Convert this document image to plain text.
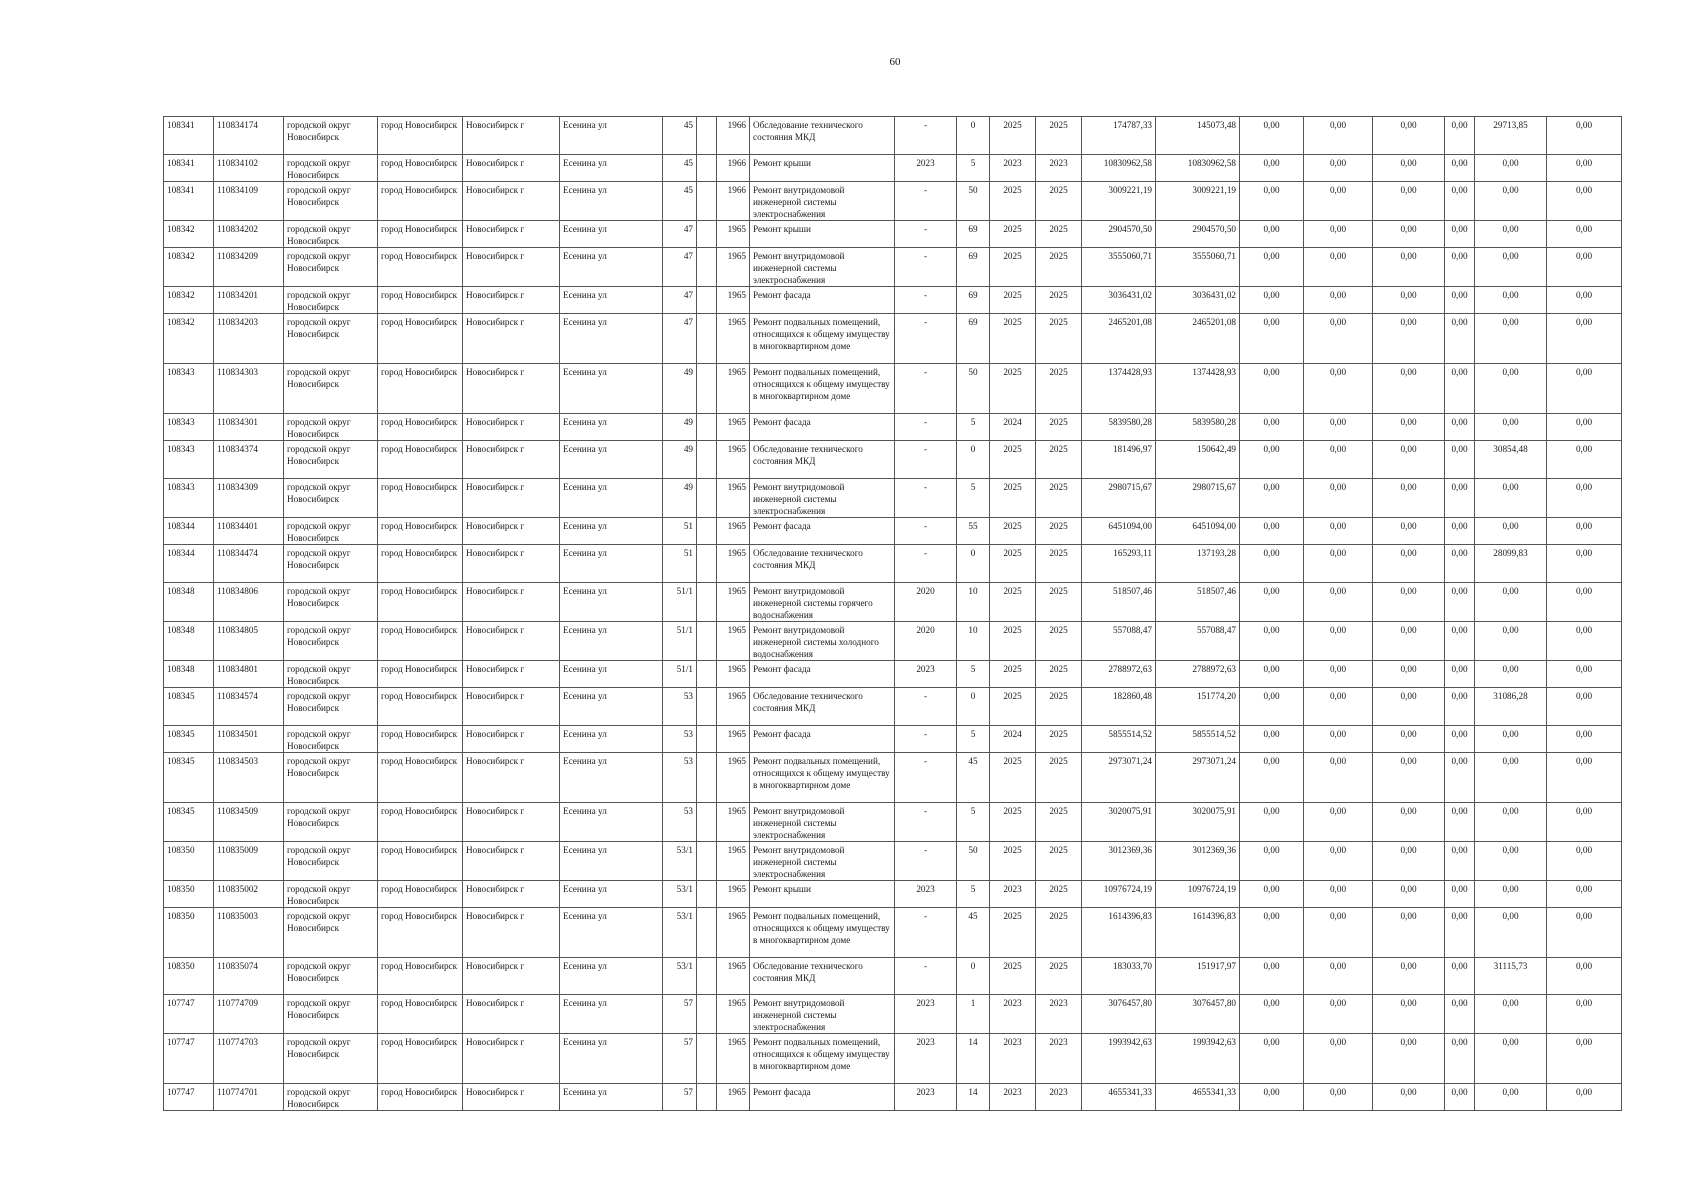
60
108341	110834174	городской округ Новосибирск	город Новосибирск	Новосибирск г	Есенина ул	45		1966	Обследование технического состояния МКД	-	0	2025	2025	174787,33	145073,48	0,00	0,00	0,00	0,00	29713,85	0,00
108341	110834102	городской округ Новосибирск	город Новосибирск	Новосибирск г	Есенина ул	45		1966	Ремонт крыши	2023	5	2023	2023	10830962,58	10830962,58	0,00	0,00	0,00	0,00	0,00	0,00
108341	110834109	городской округ Новосибирск	город Новосибирск	Новосибирск г	Есенина ул	45		1966	Ремонт внутридомовой инженерной системы электроснабжения	-	50	2025	2025	3009221,19	3009221,19	0,00	0,00	0,00	0,00	0,00	0,00
108342	110834202	городской округ Новосибирск	город Новосибирск	Новосибирск г	Есенина ул	47		1965	Ремонт крыши	-	69	2025	2025	2904570,50	2904570,50	0,00	0,00	0,00	0,00	0,00	0,00
108342	110834209	городской округ Новосибирск	город Новосибирск	Новосибирск г	Есенина ул	47		1965	Ремонт внутридомовой инженерной системы электроснабжения	-	69	2025	2025	3555060,71	3555060,71	0,00	0,00	0,00	0,00	0,00	0,00
108342	110834201	городской округ Новосибирск	город Новосибирск	Новосибирск г	Есенина ул	47		1965	Ремонт фасада	-	69	2025	2025	3036431,02	3036431,02	0,00	0,00	0,00	0,00	0,00	0,00
108342	110834203	городской округ Новосибирск	город Новосибирск	Новосибирск г	Есенина ул	47		1965	Ремонт подвальных помещений, относящихся к общему имуществу в многоквартирном доме	-	69	2025	2025	2465201,08	2465201,08	0,00	0,00	0,00	0,00	0,00	0,00
108343	110834303	городской округ Новосибирск	город Новосибирск	Новосибирск г	Есенина ул	49		1965	Ремонт подвальных помещений, относящихся к общему имуществу в многоквартирном доме	-	50	2025	2025	1374428,93	1374428,93	0,00	0,00	0,00	0,00	0,00	0,00
108343	110834301	городской округ Новосибирск	город Новосибирск	Новосибирск г	Есенина ул	49		1965	Ремонт фасада	-	5	2024	2025	5839580,28	5839580,28	0,00	0,00	0,00	0,00	0,00	0,00
108343	110834374	городской округ Новосибирск	город Новосибирск	Новосибирск г	Есенина ул	49		1965	Обследование технического состояния МКД	-	0	2025	2025	181496,97	150642,49	0,00	0,00	0,00	0,00	30854,48	0,00
108343	110834309	городской округ Новосибирск	город Новосибирск	Новосибирск г	Есенина ул	49		1965	Ремонт внутридомовой инженерной системы электроснабжения	-	5	2025	2025	2980715,67	2980715,67	0,00	0,00	0,00	0,00	0,00	0,00
108344	110834401	городской округ Новосибирск	город Новосибирск	Новосибирск г	Есенина ул	51		1965	Ремонт фасада	-	55	2025	2025	6451094,00	6451094,00	0,00	0,00	0,00	0,00	0,00	0,00
108344	110834474	городской округ Новосибирск	город Новосибирск	Новосибирск г	Есенина ул	51		1965	Обследование технического состояния МКД	-	0	2025	2025	165293,11	137193,28	0,00	0,00	0,00	0,00	28099,83	0,00
108348	110834806	городской округ Новосибирск	город Новосибирск	Новосибирск г	Есенина ул	51/1		1965	Ремонт внутридомовой инженерной системы горячего водоснабжения	2020	10	2025	2025	518507,46	518507,46	0,00	0,00	0,00	0,00	0,00	0,00
108348	110834805	городской округ Новосибирск	город Новосибирск	Новосибирск г	Есенина ул	51/1		1965	Ремонт внутридомовой инженерной системы холодного водоснабжения	2020	10	2025	2025	557088,47	557088,47	0,00	0,00	0,00	0,00	0,00	0,00
108348	110834801	городской округ Новосибирск	город Новосибирск	Новосибирск г	Есенина ул	51/1		1965	Ремонт фасада	2023	5	2025	2025	2788972,63	2788972,63	0,00	0,00	0,00	0,00	0,00	0,00
108345	110834574	городской округ Новосибирск	город Новосибирск	Новосибирск г	Есенина ул	53		1965	Обследование технического состояния МКД	-	0	2025	2025	182860,48	151774,20	0,00	0,00	0,00	0,00	31086,28	0,00
108345	110834501	городской округ Новосибирск	город Новосибирск	Новосибирск г	Есенина ул	53		1965	Ремонт фасада	-	5	2024	2025	5855514,52	5855514,52	0,00	0,00	0,00	0,00	0,00	0,00
108345	110834503	городской округ Новосибирск	город Новосибирск	Новосибирск г	Есенина ул	53		1965	Ремонт подвальных помещений, относящихся к общему имуществу в многоквартирном доме	-	45	2025	2025	2973071,24	2973071,24	0,00	0,00	0,00	0,00	0,00	0,00
108345	110834509	городской округ Новосибирск	город Новосибирск	Новосибирск г	Есенина ул	53		1965	Ремонт внутридомовой инженерной системы электроснабжения	-	5	2025	2025	3020075,91	3020075,91	0,00	0,00	0,00	0,00	0,00	0,00
108350	110835009	городской округ Новосибирск	город Новосибирск	Новосибирск г	Есенина ул	53/1		1965	Ремонт внутридомовой инженерной системы электроснабжения	-	50	2025	2025	3012369,36	3012369,36	0,00	0,00	0,00	0,00	0,00	0,00
108350	110835002	городской округ Новосибирск	город Новосибирск	Новосибирск г	Есенина ул	53/1		1965	Ремонт крыши	2023	5	2023	2025	10976724,19	10976724,19	0,00	0,00	0,00	0,00	0,00	0,00
108350	110835003	городской округ Новосибирск	город Новосибирск	Новосибирск г	Есенина ул	53/1		1965	Ремонт подвальных помещений, относящихся к общему имуществу в многоквартирном доме	-	45	2025	2025	1614396,83	1614396,83	0,00	0,00	0,00	0,00	0,00	0,00
108350	110835074	городской округ Новосибирск	город Новосибирск	Новосибирск г	Есенина ул	53/1		1965	Обследование технического состояния МКД	-	0	2025	2025	183033,70	151917,97	0,00	0,00	0,00	0,00	31115,73	0,00
107747	110774709	городской округ Новосибирск	город Новосибирск	Новосибирск г	Есенина ул	57		1965	Ремонт внутридомовой инженерной системы электроснабжения	2023	1	2023	2023	3076457,80	3076457,80	0,00	0,00	0,00	0,00	0,00	0,00
107747	110774703	городской округ Новосибирск	город Новосибирск	Новосибирск г	Есенина ул	57		1965	Ремонт подвальных помещений, относящихся к общему имуществу в многоквартирном доме	2023	14	2023	2023	1993942,63	1993942,63	0,00	0,00	0,00	0,00	0,00	0,00
107747	110774701	городской округ Новосибирск	город Новосибирск	Новосибирск г	Есенина ул	57		1965	Ремонт фасада	2023	14	2023	2023	4655341,33	4655341,33	0,00	0,00	0,00	0,00	0,00	0,00
